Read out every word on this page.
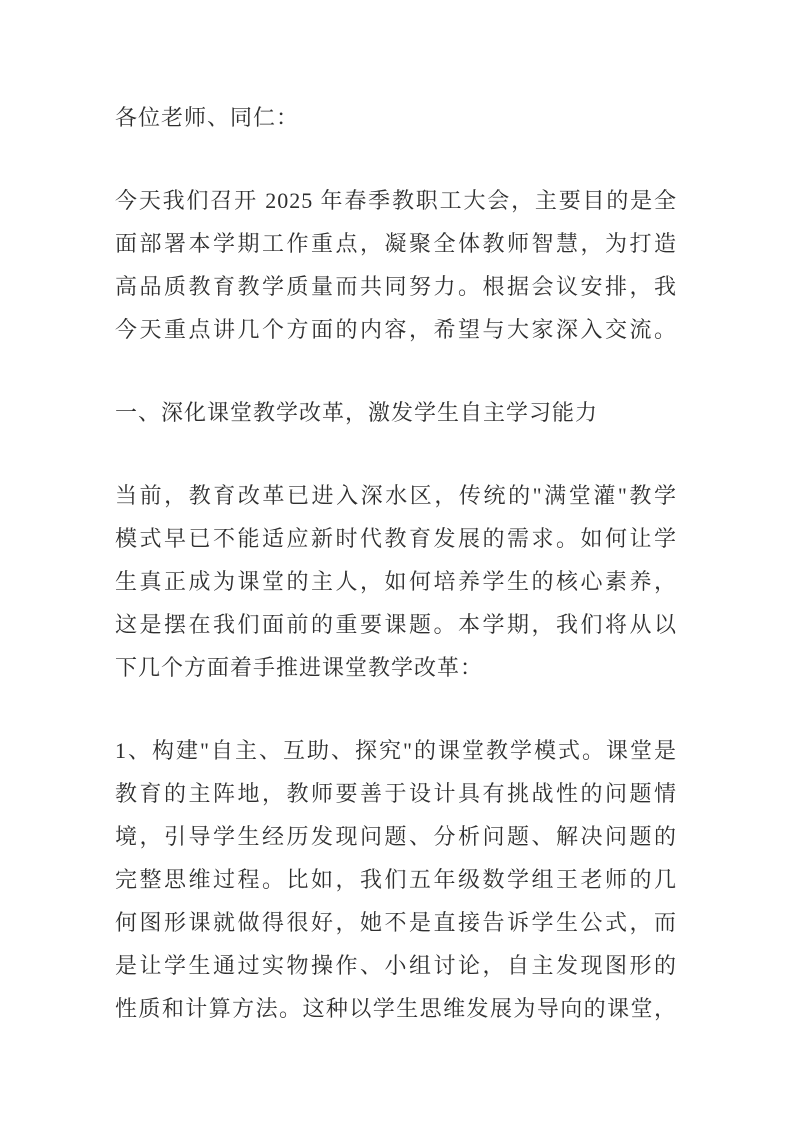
各位老师、同仁：
今天我们召开 2025 年春季教职工大会，主要目的是全
面部署本学期工作重点，凝聚全体教师智慧，为打造
高品质教育教学质量而共同努力。根据会议安排，我
今天重点讲几个方面的内容，希望与大家深入交流。
一、深化课堂教学改革，激发学生自主学习能力
当前，教育改革已进入深水区，传统的"满堂灌"教学
模式早已不能适应新时代教育发展的需求。如何让学
生真正成为课堂的主人，如何培养学生的核心素养，
这是摆在我们面前的重要课题。本学期，我们将从以
下几个方面着手推进课堂教学改革：
1、构建"自主、互助、探究"的课堂教学模式。课堂是
教育的主阵地，教师要善于设计具有挑战性的问题情
境，引导学生经历发现问题、分析问题、解决问题的
完整思维过程。比如，我们五年级数学组王老师的几
何图形课就做得很好，她不是直接告诉学生公式，而
是让学生通过实物操作、小组讨论，自主发现图形的
性质和计算方法。这种以学生思维发展为导向的课堂，
